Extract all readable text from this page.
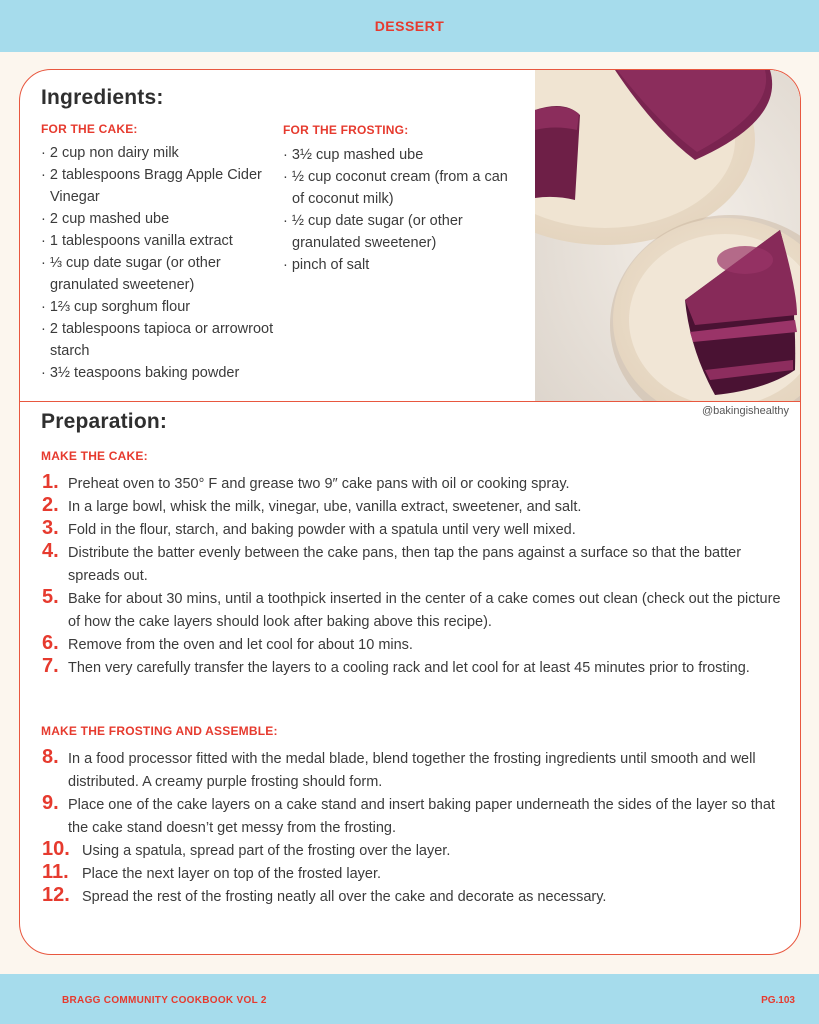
DESSERT
Ingredients:
FOR THE CAKE:
· 2 cup non dairy milk
· 2 tablespoons Bragg Apple Cider Vinegar
· 2 cup mashed ube
· 1 tablespoons vanilla extract
· ⅓ cup date sugar (or other granulated sweetener)
· 1⅔ cup sorghum flour
· 2 tablespoons tapioca or arrowroot starch
· 3½ teaspoons baking powder
FOR THE FROSTING:
· 3½ cup mashed ube
· ½ cup coconut cream (from a can of coconut milk)
· ½ cup date sugar (or other granulated sweetener)
· pinch of salt
@bakingishealthy
Preparation:
MAKE THE CAKE:
1. Preheat oven to 350° F and grease two 9″ cake pans with oil or cooking spray.
2. In a large bowl, whisk the milk, vinegar, ube, vanilla extract, sweetener, and salt.
3. Fold in the flour, starch, and baking powder with a spatula until very well mixed.
4. Distribute the batter evenly between the cake pans, then tap the pans against a surface so that the batter spreads out.
5. Bake for about 30 mins, until a toothpick inserted in the center of a cake comes out clean (check out the picture of how the cake layers should look after baking above this recipe).
6. Remove from the oven and let cool for about 10 mins.
7. Then very carefully transfer the layers to a cooling rack and let cool for at least 45 minutes prior to frosting.
MAKE THE FROSTING AND ASSEMBLE:
8. In a food processor fitted with the medal blade, blend together the frosting ingredients until smooth and well distributed. A creamy purple frosting should form.
9. Place one of the cake layers on a cake stand and insert baking paper underneath the sides of the layer so that the cake stand doesn’t get messy from the frosting.
10. Using a spatula, spread part of the frosting over the layer.
11. Place the next layer on top of the frosted layer.
12. Spread the rest of the frosting neatly all over the cake and decorate as necessary.
BRAGG COMMUNITY COOKBOOK VOL 2	PG.103
